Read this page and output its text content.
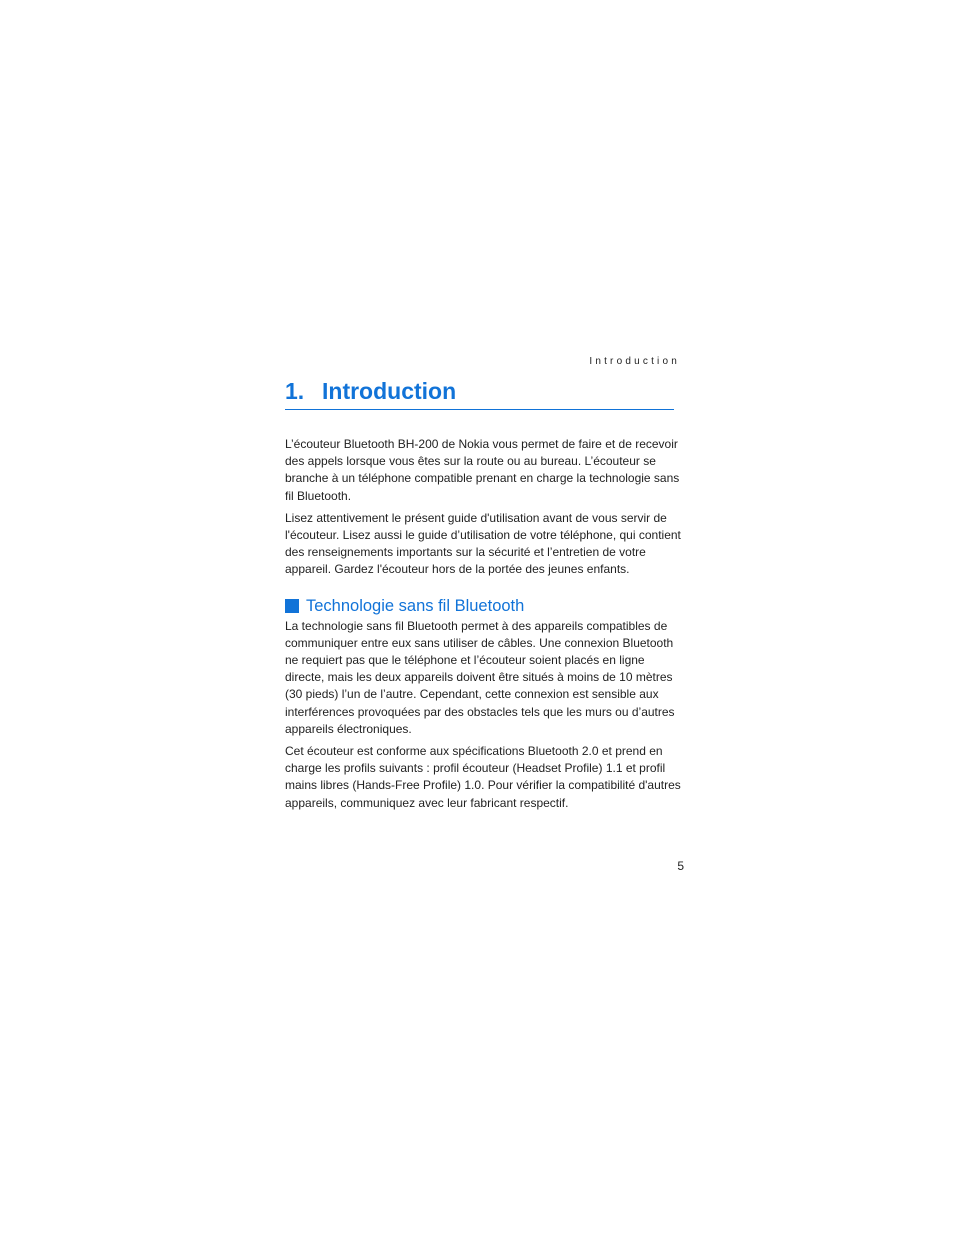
Introduction
1. Introduction

L’écouteur Bluetooth BH-200 de Nokia vous permet de faire et de recevoir des appels lorsque vous êtes sur la route ou au bureau. L’écouteur se branche à un téléphone compatible prenant en charge la technologie sans fil Bluetooth.

Lisez attentivement le présent guide d'utilisation avant de vous servir de l'écouteur. Lisez aussi le guide d’utilisation de votre téléphone, qui contient des renseignements importants sur la sécurité et l’entretien de votre appareil. Gardez l'écouteur hors de la portée des jeunes enfants.

Technologie sans fil Bluetooth

La technologie sans fil Bluetooth permet à des appareils compatibles de communiquer entre eux sans utiliser de câbles. Une connexion Bluetooth ne requiert pas que le téléphone et l’écouteur soient placés en ligne directe, mais les deux appareils doivent être situés à moins de 10 mètres (30 pieds) l’un de l’autre. Cependant, cette connexion est sensible aux interférences provoquées par des obstacles tels que les murs ou d’autres appareils électroniques.

Cet écouteur est conforme aux spécifications Bluetooth 2.0 et prend en charge les profils suivants : profil écouteur (Headset Profile) 1.1 et profil mains libres (Hands-Free Profile) 1.0. Pour vérifier la compatibilité d'autres appareils, communiquez avec leur fabricant respectif.

5
